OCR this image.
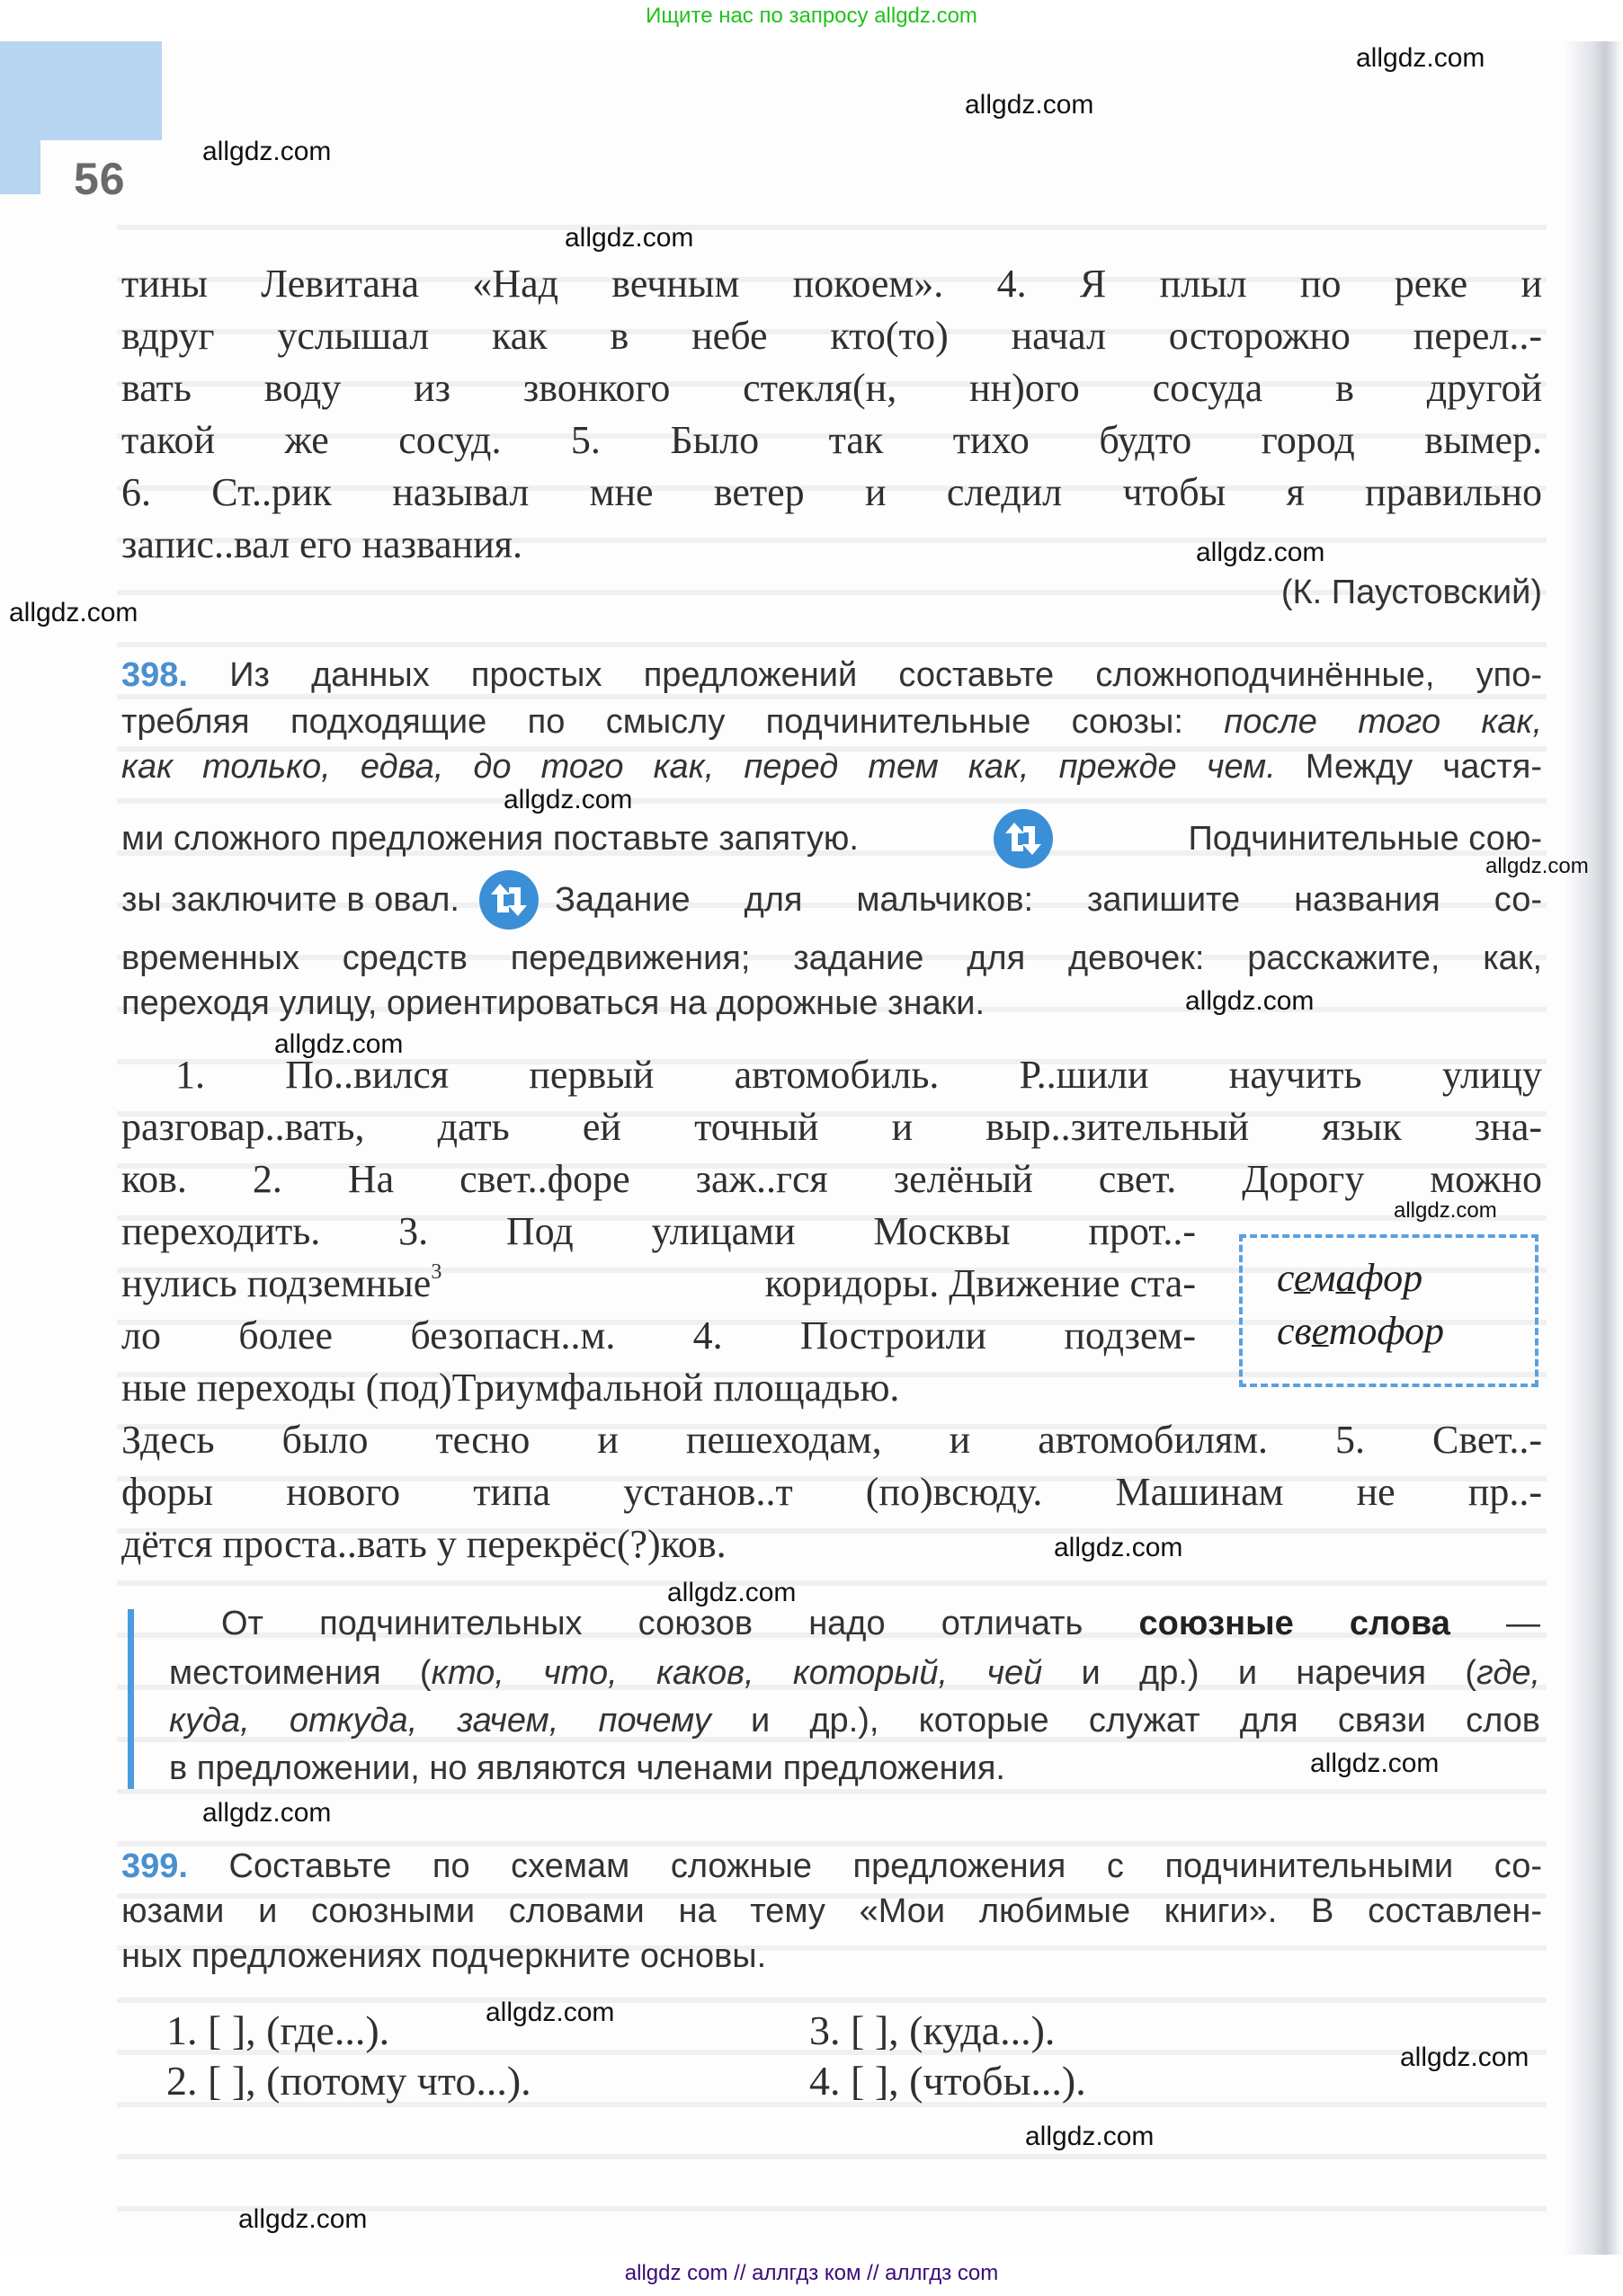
Ищите нас по запросу allgdz.com
56
allgdz.com
allgdz.com
allgdz.com
allgdz.com
allgdz.com
allgdz.com
allgdz.com
allgdz.com
allgdz.com
allgdz.com
allgdz.com
allgdz.com
allgdz.com
allgdz.com
allgdz.com
allgdz.com
allgdz.com
allgdz.com
allgdz.com
тины Левитана «Над вечным покоем». 4. Я плыл по реке и
вдруг услышал как в небе кто(то) начал осторожно перел..-
вать воду из звонкого стекля(н, нн)ого сосуда в другой
такой же сосуд. 5. Было так тихо будто город вымер.
6. Ст..рик называл мне ветер и следил чтобы я правильно
запис..вал его названия.
(К. Паустовский)
398. Из данных простых предложений составьте сложноподчинённые, упо-
требляя подходящие по смыслу подчинительные союзы: после того как,
как только, едва, до того как, перед тем как, прежде чем. Между частя-
ми сложного предложения поставьте запятую.	Подчинительные сою-
зы заключите в овал.	Задание для мальчиков: запишите названия со-
временных средств передвижения; задание для девочек: расскажите, как,
переходя улицу, ориентироваться на дорожные знаки.
1. По..вился первый автомобиль. Р..шили научить улицу
разговар..вать, дать ей точный и выр..зительный язык зна-
ков. 2. На свет..форе заж..гся зелёный свет. Дорогу можно
переходить. 3. Под улицами Москвы прот..-
нулись подземные 3	коридоры. Движение ста-
ло более безопасн..м. 4. Построили подзем-
ные переходы (под)Триумфальной площадью.
Здесь было тесно и пешеходам, и автомобилям. 5. Свет..-
форы нового типа установ..т (по)всюду. Машинам не пр..-
дётся проста..вать у перекрёс(?)ков.
семафор
светофор
От подчинительных союзов надо отличать союзные слова —
местоимения (кто, что, каков, который, чей и др.) и наречия (где,
куда, откуда, зачем, почему и др.), которые служат для связи слов
в предложении, но являются членами предложения.
399. Составьте по схемам сложные предложения с подчинительными со-
юзами и союзными словами на тему «Мои любимые книги». В составлен-
ных предложениях подчеркните основы.
1. [ ], (где...).
2. [ ], (потому что...).
3. [ ], (куда...).
4. [ ], (чтобы...).
allgdz com // аллгдз ком // аллгдз com
